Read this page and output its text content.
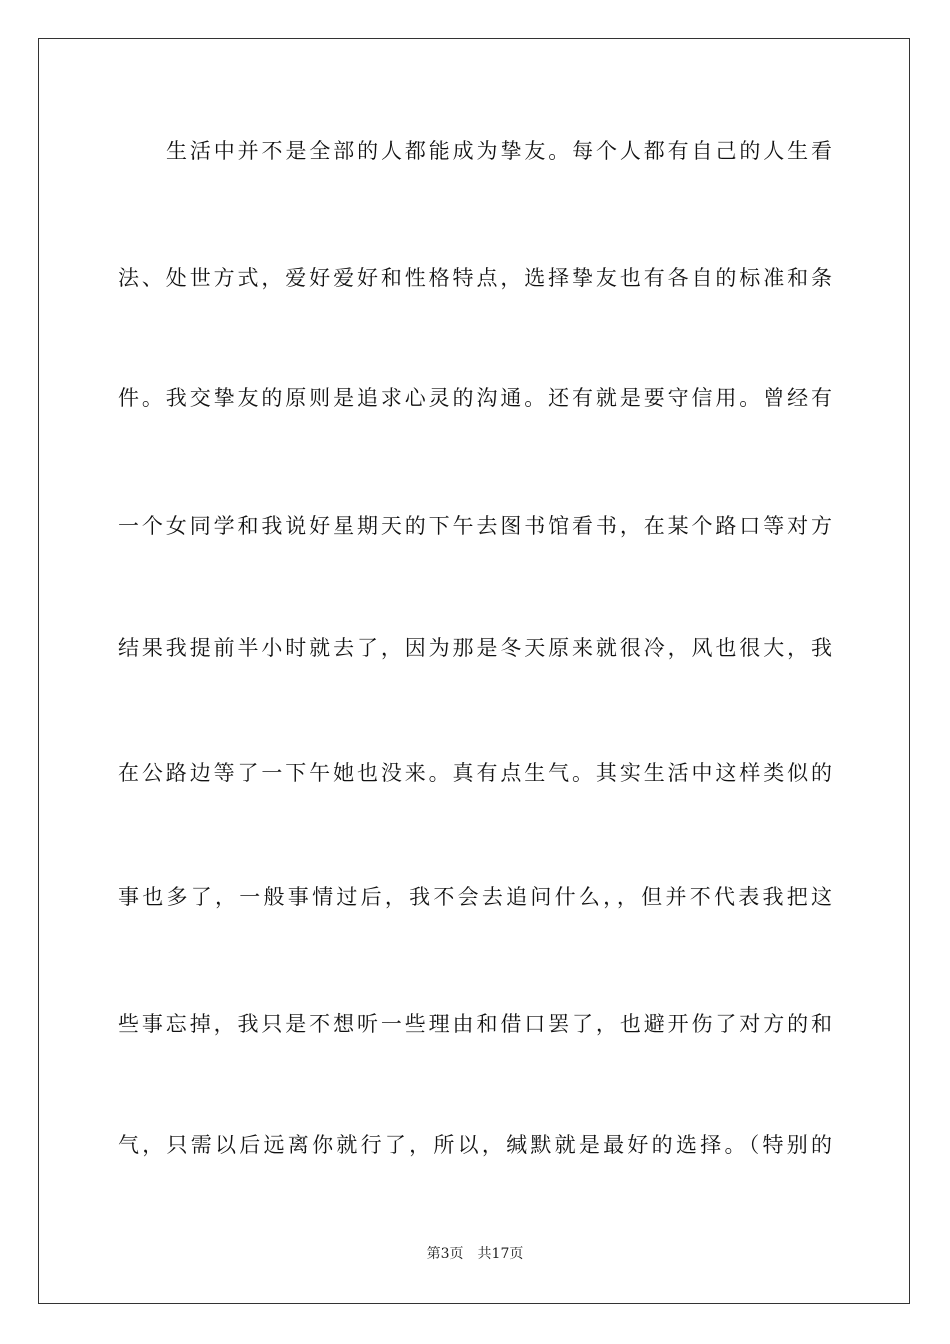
生活中并不是全部的人都能成为挚友。每个人都有自己的人生看
法、处世方式，爱好爱好和性格特点，选择挚友也有各自的标准和条
件。我交挚友的原则是追求心灵的沟通。还有就是要守信用。曾经有
一个女同学和我说好星期天的下午去图书馆看书，在某个路口等对方
结果我提前半小时就去了，因为那是冬天原来就很冷，风也很大，我
在公路边等了一下午她也没来。真有点生气。其实生活中这样类似的
事也多了，一般事情过后，我不会去追问什么，，但并不代表我把这
些事忘掉，我只是不想听一些理由和借口罢了，也避开伤了对方的和
气，只需以后远离你就行了，所以，缄默就是最好的选择。（特别的
第3页 共17页
